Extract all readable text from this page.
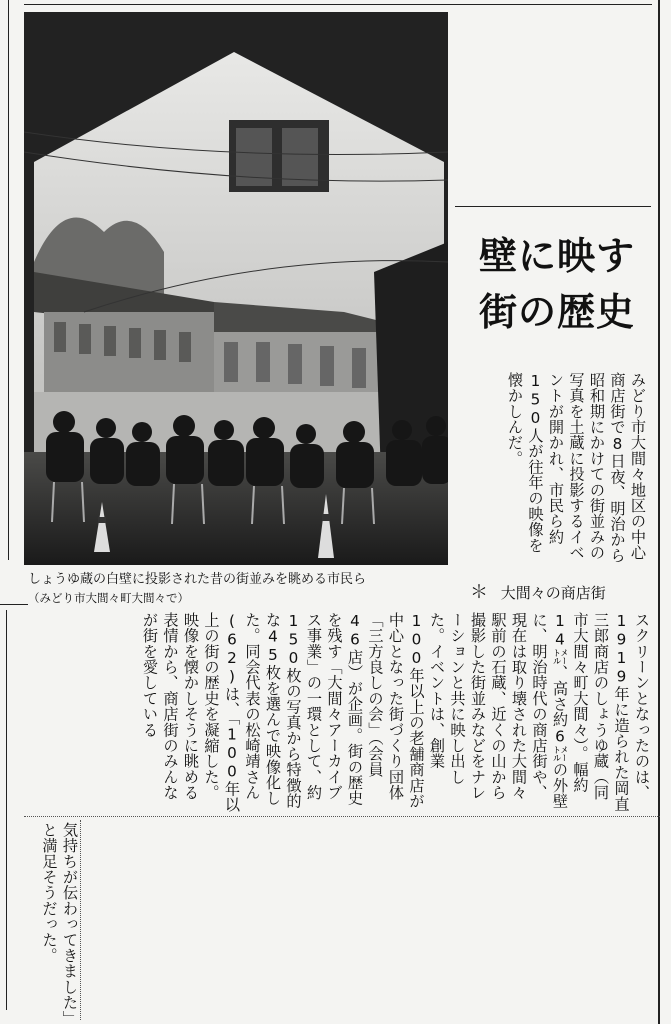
しょうゆ蔵の白壁に投影された昔の街並みを眺める市民ら
（みどり市大間々町大間々で）
壁に映す
街の歴史
みどり市大間々地区の中心商店街で8日夜、明治から昭和期にかけての街並みの写真を土蔵に投影するイベントが開かれ、市民ら約150人が往年の映像を懐かしんだ。
＊ 大間々の商店街
スクリーンとなったのは、1919年に造られた岡直三郎商店のしょうゆ蔵（同市大間々町大間々）。幅約14㍍、高さ約6㍍の外壁に、明治時代の商店街や、現在は取り壊された大間々駅前の石蔵、近くの山から撮影した街並みなどをナレーションと共に映し出した。イベントは、創業100年以上の老舗商店が中心となった街づくり団体「三方良しの会」（会員46店）が企画。街の歴史を残す「大間々アーカイブス事業」の一環として、約150枚の写真から特徴的な45枚を選んで映像化した。同会代表の松崎靖さん(62)は、「100年以上の街の歴史を凝縮した。映像を懐かしそうに眺める表情から、商店街のみんなが街を愛している
気持ちが伝わってきました」と満足そうだった。
